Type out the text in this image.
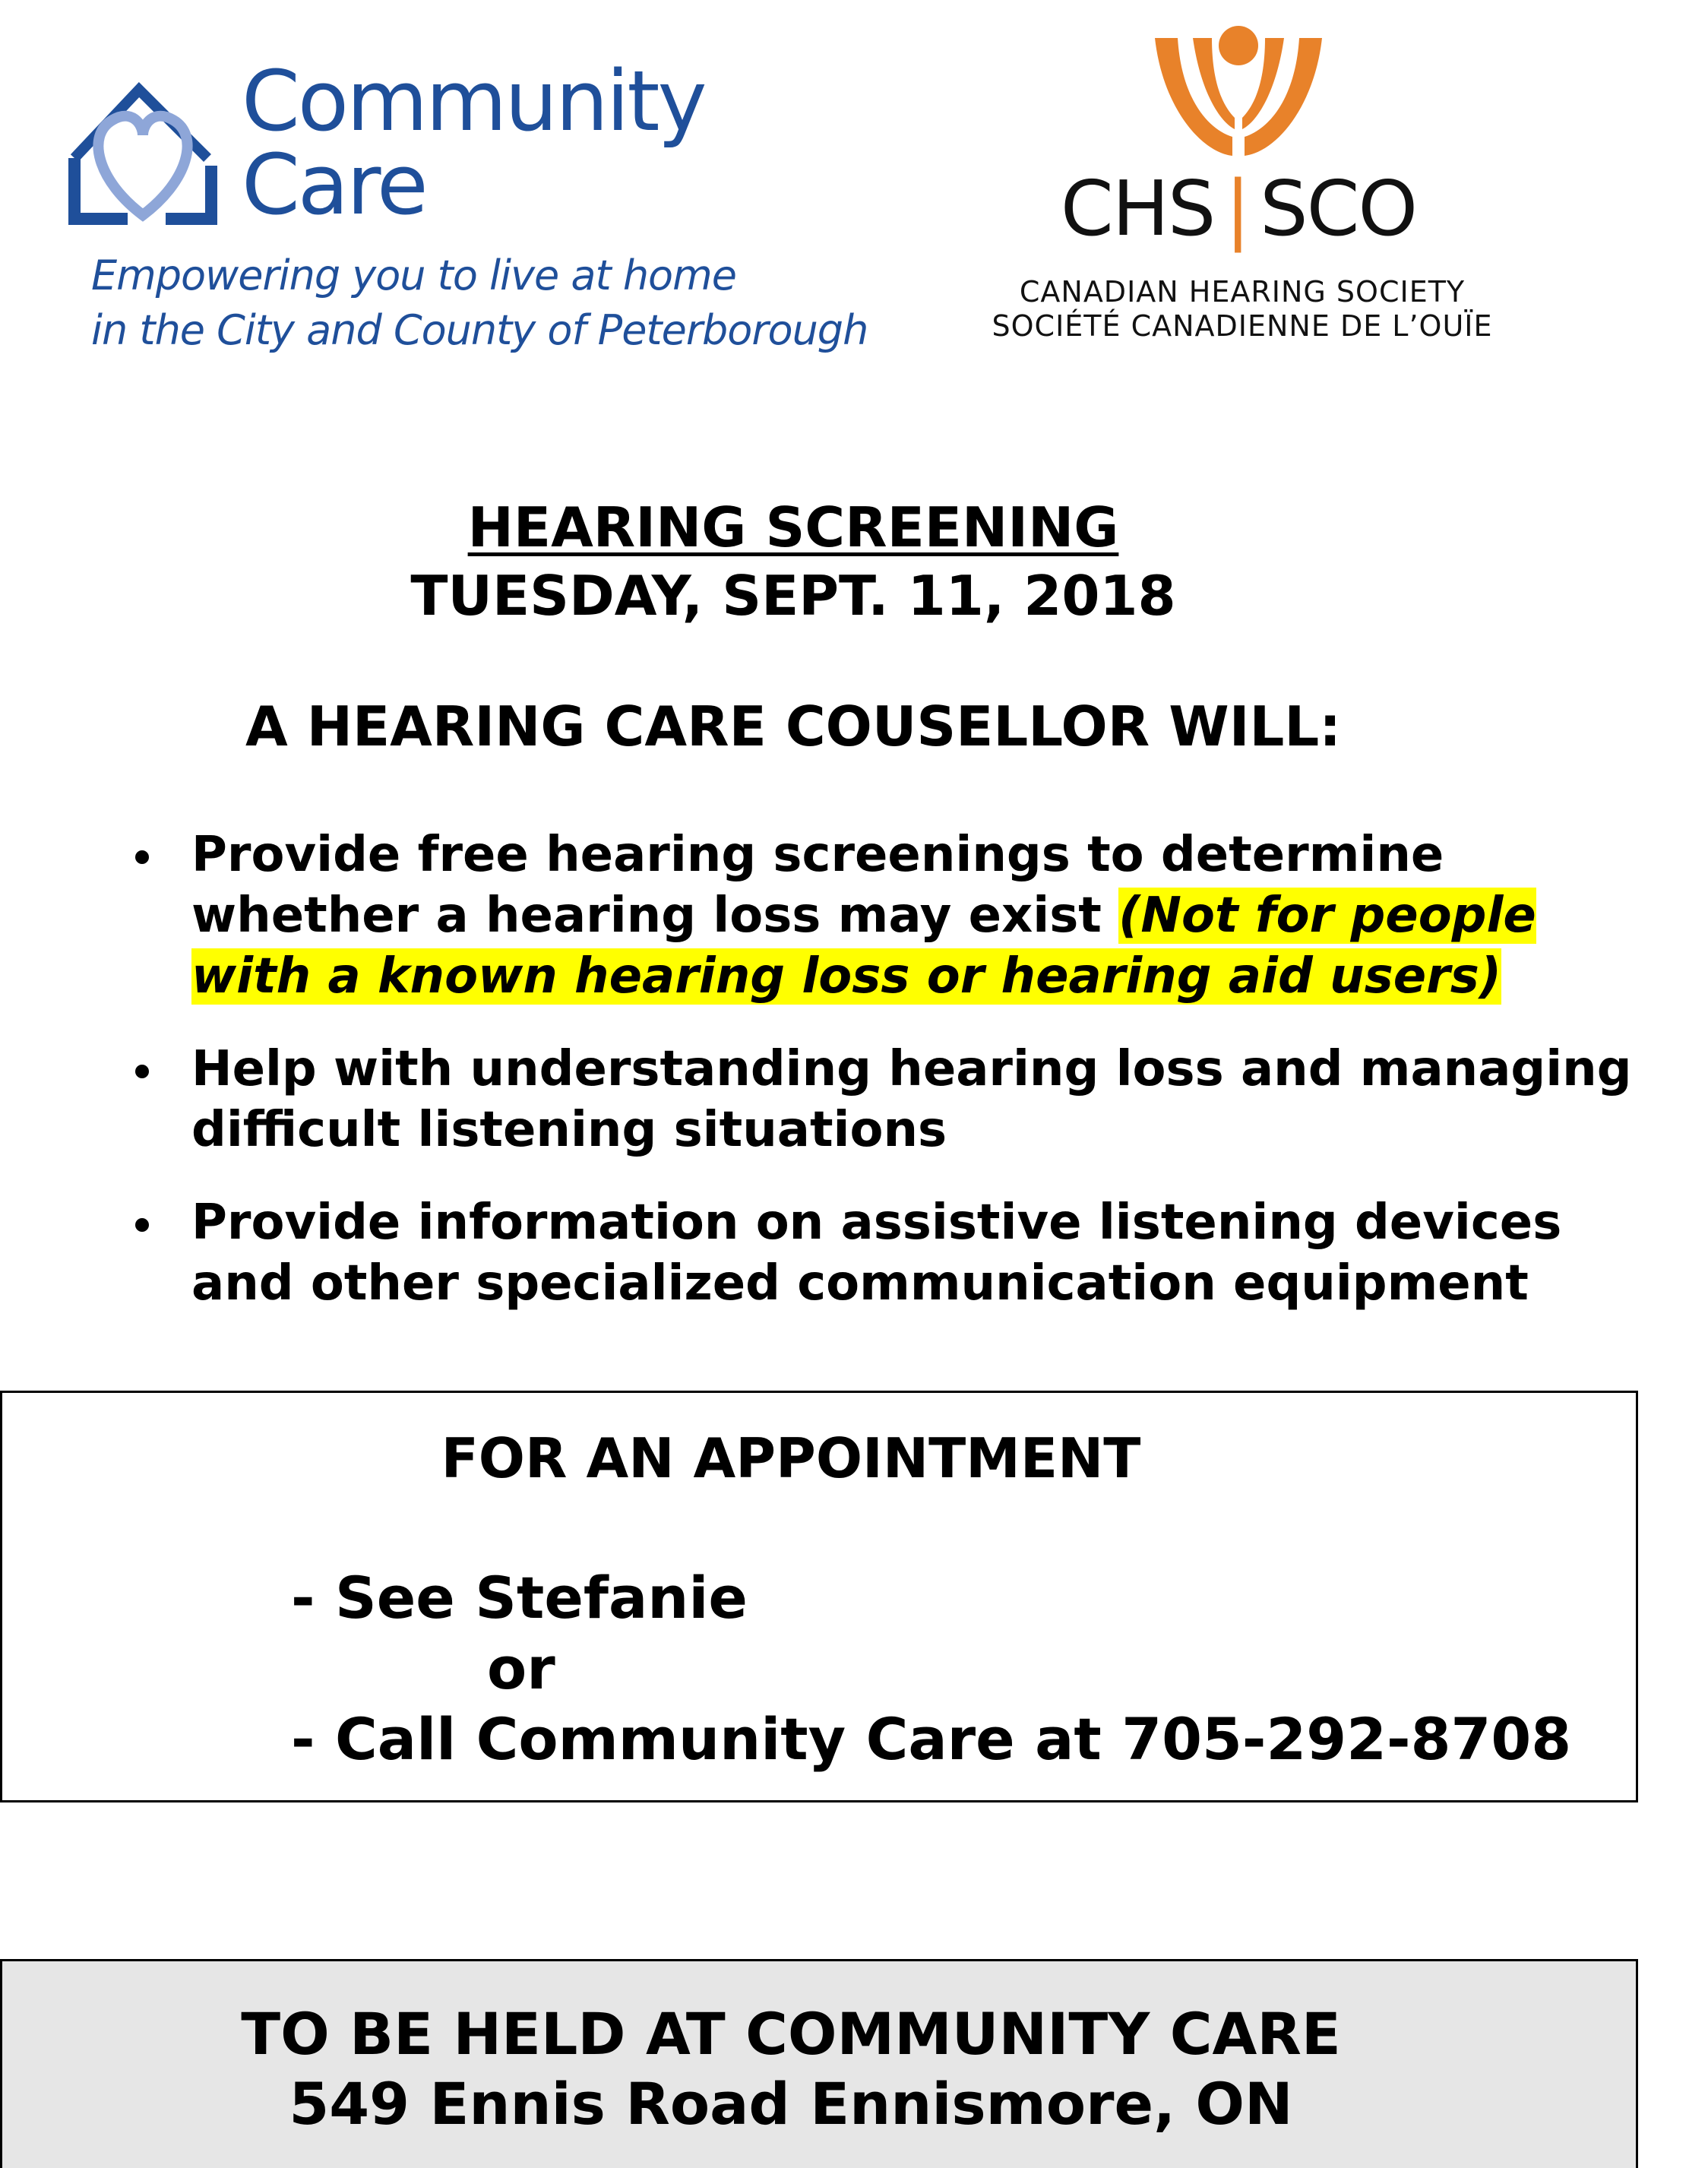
Community
Care
Empowering you to live at home
in the City and County of Peterborough
CHS | SCO
CANADIAN HEARING SOCIETY
SOCIÉTÉ CANADIENNE DE L’OUÏE
HEARING SCREENING
TUESDAY, SEPT. 11, 2018
A HEARING CARE COUSELLOR WILL:
Provide free hearing screenings to determine whether a hearing loss may exist (Not for people with a known hearing loss or hearing aid users)
Help with understanding hearing loss and managing difficult listening situations
Provide information on assistive listening devices and other specialized communication equipment
FOR AN APPOINTMENT
- See Stefanie
or
- Call Community Care at 705-292-8708
TO BE HELD AT COMMUNITY CARE
549 Ennis Road Ennismore, ON
